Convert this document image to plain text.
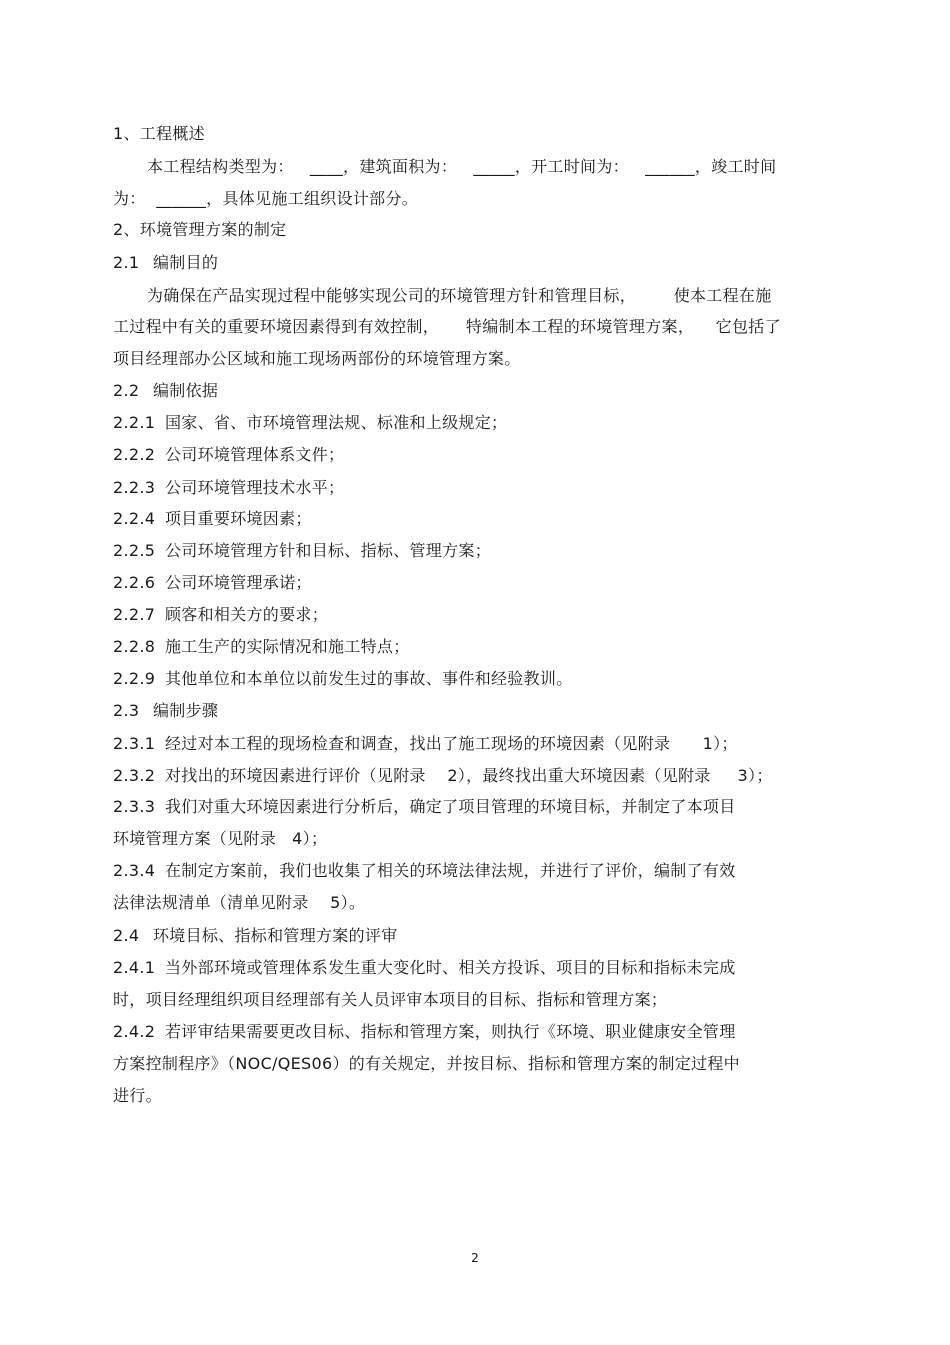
1、工程概述
本工程结构类型为：   ____，建筑面积为：   _____，开工时间为：   ______，竣工时间
为：  ______，具体见施工组织设计部分。
2、环境管理方案的制定
2.1 编制目的
为确保在产品实现过程中能够实现公司的环境管理方针和管理目标，       使本工程在施
工过程中有关的重要环境因素得到有效控制，     特编制本工程的环境管理方案，    它包括了
项目经理部办公区域和施工现场两部份的环境管理方案。
2.2 编制依据
2.2.1 国家、省、市环境管理法规、标准和上级规定；
2.2.2 公司环境管理体系文件；
2.2.3 公司环境管理技术水平；
2.2.4 项目重要环境因素；
2.2.5 公司环境管理方针和目标、指标、管理方案；
2.2.6 公司环境管理承诺；
2.2.7 顾客和相关方的要求；
2.2.8 施工生产的实际情况和施工特点；
2.2.9 其他单位和本单位以前发生过的事故、事件和经验教训。
2.3 编制步骤
2.3.1 经过对本工程的现场检查和调查，找出了施工现场的环境因素（见附录      1）；
2.3.2 对找出的环境因素进行评价（见附录    2），最终找出重大环境因素（见附录     3）；
2.3.3 我们对重大环境因素进行分析后，确定了项目管理的环境目标，并制定了本项目
环境管理方案（见附录   4）；
2.3.4 在制定方案前，我们也收集了相关的环境法律法规，并进行了评价，编制了有效
法律法规清单（清单见附录    5）。
2.4 环境目标、指标和管理方案的评审
2.4.1 当外部环境或管理体系发生重大变化时、相关方投诉、项目的目标和指标未完成
时，项目经理组织项目经理部有关人员评审本项目的目标、指标和管理方案；
2.4.2 若评审结果需要更改目标、指标和管理方案，则执行《环境、职业健康安全管理
方案控制程序》（NOC/QES06）的有关规定，并按目标、指标和管理方案的制定过程中
进行。
2
